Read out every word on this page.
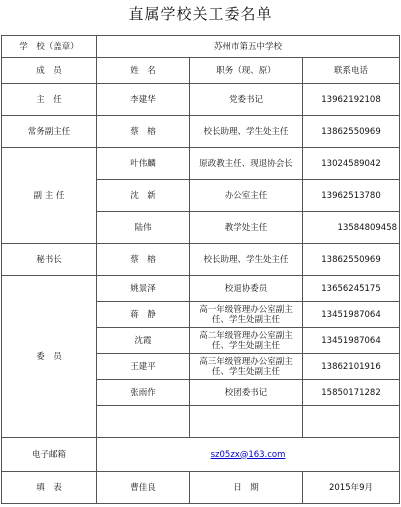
直属学校关工委名单
学　校（盖章）	苏州市第五中学校		
成　员	姓　名	职务（现、原）	联系电话
主　任	李建华	党委书记	13962192108
常务副主任	蔡　榕	校长助理、学生处主任	13862550969
副 主 任	叶伟麟	原政教主任、现退协会长	13024589042
	沈　新	办公室主任	13962513780
	陆伟	教学处主任	13584809458
秘书长	蔡　榕	校长助理、学生处主任	13862550969
委　员	姚景泽	校退协委员	13656245175
	蒋　静	高一年级管理办公室副主任、学生处副主任	13451987064
	沈霞	高二年级管理办公室副主任、学生处副主任	13451987064
	王建平	高三年级管理办公室副主任、学生处副主任	13862101916
	张雨作	校团委书记	15850171282

电子邮箱	sz05zx@163.com		
填　表	曹佳良	日　期	2015年9月
